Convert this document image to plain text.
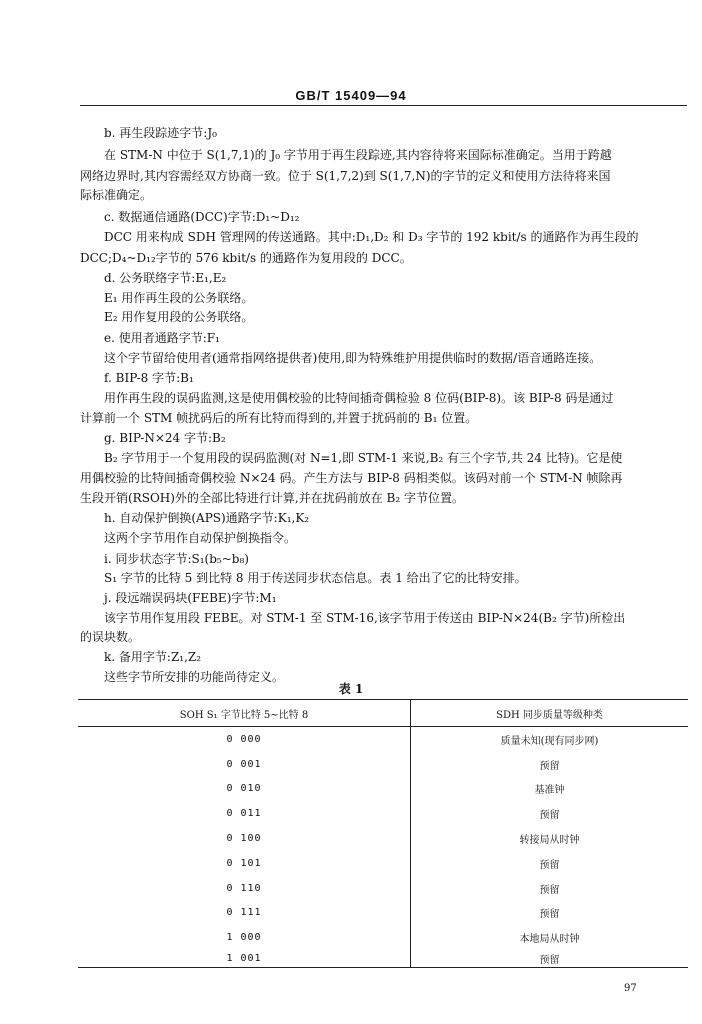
GB/T 15409—94
b. 再生段踪迹字节:J₀
在 STM-N 中位于 S(1,7,1)的 J₀ 字节用于再生段踪迹,其内容待将来国际标准确定。当用于跨越
网络边界时,其内容需经双方协商一致。位于 S(1,7,2)到 S(1,7,N)的字节的定义和使用方法待将来国
际标准确定。
c. 数据通信通路(DCC)字节:D₁~D₁₂
DCC 用来构成 SDH 管理网的传送通路。其中:D₁,D₂ 和 D₃ 字节的 192 kbit/s 的通路作为再生段的
DCC;D₄~D₁₂字节的 576 kbit/s 的通路作为复用段的 DCC。
d. 公务联络字节:E₁,E₂
E₁ 用作再生段的公务联络。
E₂ 用作复用段的公务联络。
e. 使用者通路字节:F₁
这个字节留给使用者(通常指网络提供者)使用,即为特殊维护用提供临时的数据/语音通路连接。
f. BIP-8 字节:B₁
用作再生段的误码监测,这是使用偶校验的比特间插奇偶检验 8 位码(BIP-8)。该 BIP-8 码是通过
计算前一个 STM 帧扰码后的所有比特而得到的,并置于扰码前的 B₁ 位置。
g. BIP-N×24 字节:B₂
B₂ 字节用于一个复用段的误码监测(对 N=1,即 STM-1 来说,B₂ 有三个字节,共 24 比特)。它是使
用偶校验的比特间插奇偶校验 N×24 码。产生方法与 BIP-8 码相类似。该码对前一个 STM-N 帧除再
生段开销(RSOH)外的全部比特进行计算,并在扰码前放在 B₂ 字节位置。
h. 自动保护倒换(APS)通路字节:K₁,K₂
这两个字节用作自动保护倒换指令。
i. 同步状态字节:S₁(b₅~b₈)
S₁ 字节的比特 5 到比特 8 用于传送同步状态信息。表 1 给出了它的比特安排。
j. 段远端误码块(FEBE)字节:M₁
该字节用作复用段 FEBE。对 STM-1 至 STM-16,该字节用于传送由 BIP-N×24(B₂ 字节)所检出
的误块数。
k. 备用字节:Z₁,Z₂
这些字节所安排的功能尚待定义。
表 1
SOH S₁ 字节比特 5~比特 8	SDH 同步质量等级种类
0 000	质量未知(现有同步网)
0 001	预留
0 010	基准钟
0 011	预留
0 100	转接局从时钟
0 101	预留
0 110	预留
0 111	预留
1 000	本地局从时钟
1 001	预留

97
